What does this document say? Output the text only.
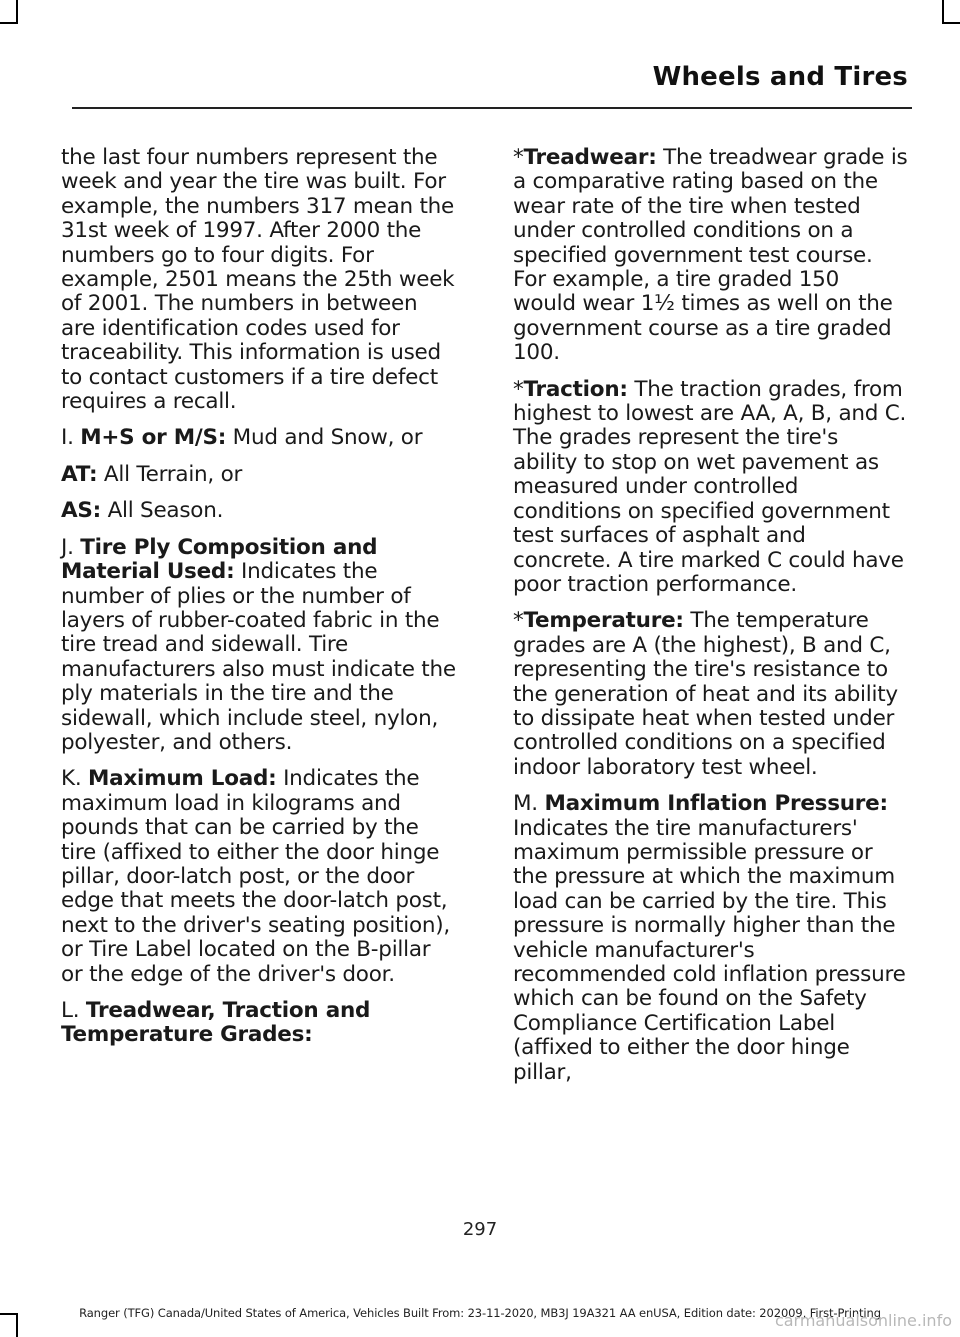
Wheels and Tires

the last four numbers represent the week and year the tire was built. For example, the numbers 317 mean the 31st week of 1997. After 2000 the numbers go to four digits. For example, 2501 means the 25th week of 2001. The numbers in between are identification codes used for traceability. This information is used to contact customers if a tire defect requires a recall.

I. M+S or M/S: Mud and Snow, or

AT: All Terrain, or

AS: All Season.

J. Tire Ply Composition and Material Used: Indicates the number of plies or the number of layers of rubber-coated fabric in the tire tread and sidewall. Tire manufacturers also must indicate the ply materials in the tire and the sidewall, which include steel, nylon, polyester, and others.

K. Maximum Load: Indicates the maximum load in kilograms and pounds that can be carried by the tire (affixed to either the door hinge pillar, door-latch post, or the door edge that meets the door-latch post, next to the driver's seating position), or Tire Label located on the B-pillar or the edge of the driver's door.

L. Treadwear, Traction and Temperature Grades:

*Treadwear: The treadwear grade is a comparative rating based on the wear rate of the tire when tested under controlled conditions on a specified government test course. For example, a tire graded 150 would wear 1½ times as well on the government course as a tire graded 100.

*Traction: The traction grades, from highest to lowest are AA, A, B, and C. The grades represent the tire's ability to stop on wet pavement as measured under controlled conditions on specified government test surfaces of asphalt and concrete. A tire marked C could have poor traction performance.

*Temperature: The temperature grades are A (the highest), B and C, representing the tire's resistance to the generation of heat and its ability to dissipate heat when tested under controlled conditions on a specified indoor laboratory test wheel.

M. Maximum Inflation Pressure: Indicates the tire manufacturers' maximum permissible pressure or the pressure at which the maximum load can be carried by the tire. This pressure is normally higher than the vehicle manufacturer's recommended cold inflation pressure which can be found on the Safety Compliance Certification Label (affixed to either the door hinge pillar,

297
Ranger (TFG) Canada/United States of America, Vehicles Built From: 23-11-2020, MB3J 19A321 AA enUSA, Edition date: 202009, First-Printing
carmanualsonline.info
